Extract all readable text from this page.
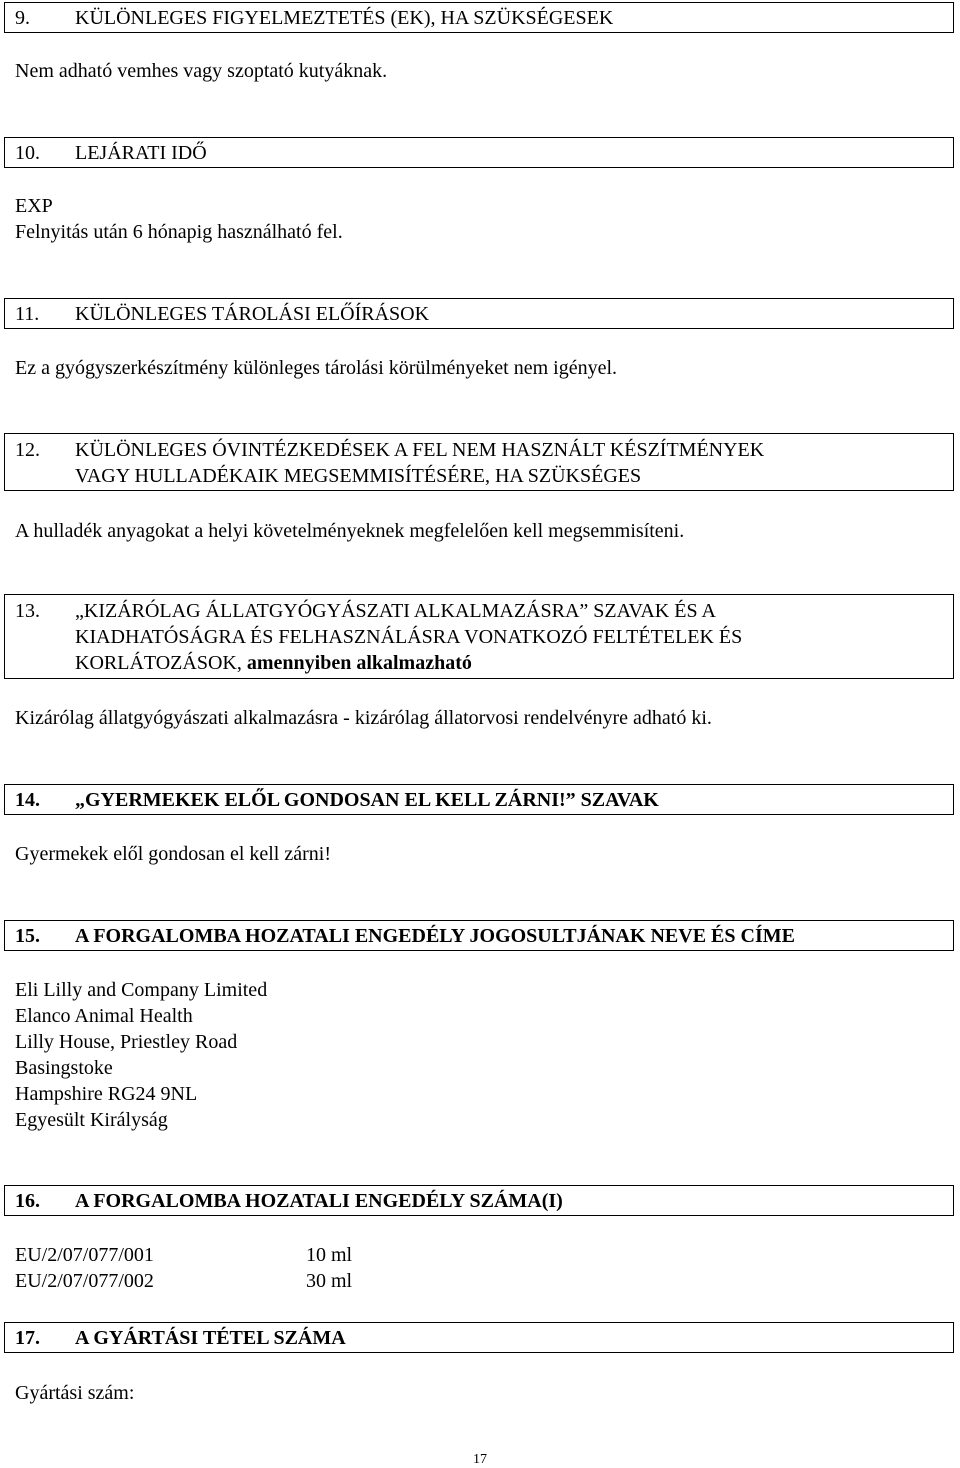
9.	KÜLÖNLEGES FIGYELMEZTETÉS (EK), HA SZÜKSÉGESEK
Nem adható vemhes vagy szoptató kutyáknak.
10.	LEJÁRATI IDŐ
EXP
Felnyitás után 6 hónapig használható fel.
11.	KÜLÖNLEGES TÁROLÁSI ELŐÍRÁSOK
Ez a gyógyszerkészítmény különleges tárolási körülményeket nem igényel.
12.	KÜLÖNLEGES ÓVINTÉZKEDÉSEK A FEL NEM HASZNÁLT KÉSZÍTMÉNYEK
VAGY HULLADÉKAIK MEGSEMMISÍTÉSÉRE, HA SZÜKSÉGES
A hulladék anyagokat a helyi követelményeknek megfelelően kell megsemmisíteni.
13.	„KIZÁRÓLAG ÁLLATGYÓGYÁSZATI ALKALMAZÁSRA” SZAVAK ÉS A
KIADHATÓSÁGRA ÉS FELHASZNÁLÁSRA VONATKOZÓ FELTÉTELEK ÉS
KORLÁTOZÁSOK, amennyiben alkalmazható
Kizárólag állatgyógyászati alkalmazásra - kizárólag állatorvosi rendelvényre adható ki.
14.	„GYERMEKEK ELŐL GONDOSAN EL KELL ZÁRNI!” SZAVAK
Gyermekek elől gondosan el kell zárni!
15.	A FORGALOMBA HOZATALI ENGEDÉLY JOGOSULTJÁNAK NEVE ÉS CÍME
Eli Lilly and Company Limited
Elanco Animal Health
Lilly House, Priestley Road
Basingstoke
Hampshire RG24 9NL
Egyesült Királyság
16.	A FORGALOMBA HOZATALI ENGEDÉLY SZÁMA(I)
EU/2/07/077/001	10 ml
EU/2/07/077/002	30 ml
17.	A GYÁRTÁSI TÉTEL SZÁMA
Gyártási szám:
17
